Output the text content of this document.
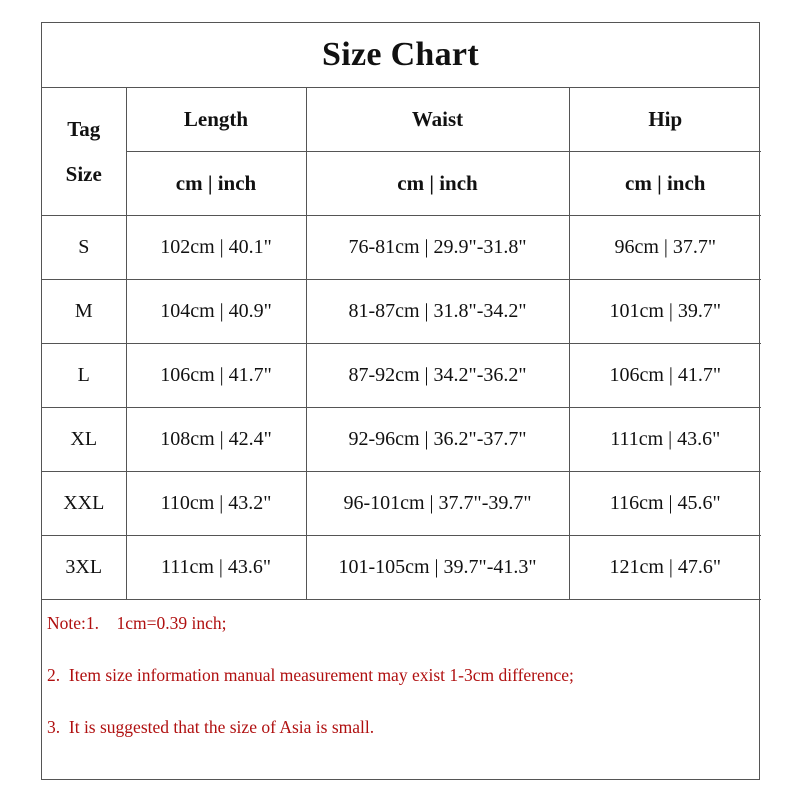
Size Chart
Tag
Size	Length	Waist	Hip
	cm | inch	cm | inch	cm | inch
S	102cm | 40.1"	76-81cm | 29.9"-31.8"	96cm | 37.7"
M	104cm | 40.9"	81-87cm | 31.8"-34.2"	101cm | 39.7"
L	106cm | 41.7"	87-92cm | 34.2"-36.2"	106cm | 41.7"
XL	108cm | 42.4"	92-96cm | 36.2"-37.7"	111cm | 43.6"
XXL	110cm | 43.2"	96-101cm | 37.7"-39.7"	116cm | 45.6"
3XL	111cm | 43.6"	101-105cm | 39.7"-41.3"	121cm | 47.6"
Note:1.    1cm=0.39 inch;
2.  Item size information manual measurement may exist 1-3cm difference;
3.  It is suggested that the size of Asia is small.
